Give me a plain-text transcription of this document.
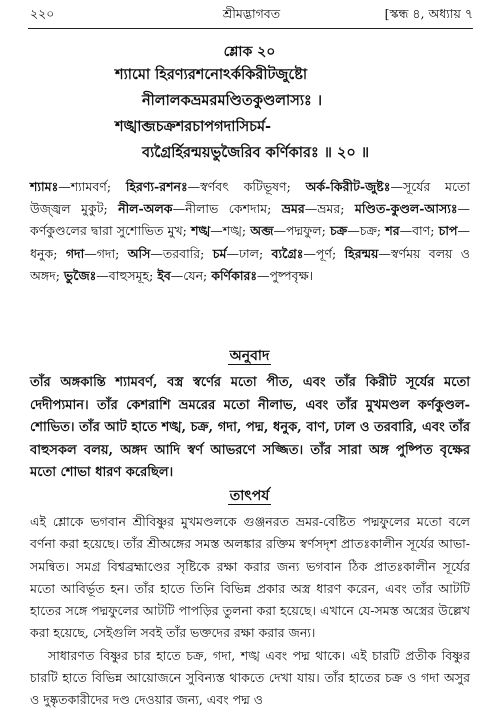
২২০	শ্রীমদ্ভাগবত	[স্কন্ধ ৪, অধ্যায় ৭
শ্লোক ২০
শ্যামো হিরণ্যরশনোঽর্ককিরীটজুষ্টো
নীলালকভ্রমরমণ্ডিতকুণ্ডলাস্যঃ ।
শঙ্খাব্জচক্রশরচাপগদাসিচর্ম-
ব্যগ্রৈর্হিরন্ময়ভুজৈরিব কর্ণিকারঃ ॥ ২০ ॥
শ্যামঃ—শ্যামবর্ণ; হিরণ্য-রশনঃ—স্বর্ণবৎ কটিভূষণ; অর্ক-কিরীট-জুষ্টঃ—সূর্যের মতো উজ্জ্বল মুকুট; নীল-অলক—নীলাভ কেশদাম; ভ্রমর—ভ্রমর; মণ্ডিত-কুণ্ডল-আস্যঃ—কর্ণকুণ্ডলের দ্বারা সুশোভিত মুখ; শঙ্খ—শঙ্খ; অব্জ—পদ্মফুল; চক্র—চক্র; শর—বাণ; চাপ—ধনুক; গদা—গদা; অসি—তরবারি; চর্ম—ঢাল; ব্যগ্রৈঃ—পূর্ণ; হিরন্ময়—স্বর্ণময় বলয় ও অঙ্গদ; ভুজৈঃ—বাহুসমূহ; ইব—যেন; কর্ণিকারঃ—পুষ্পবৃক্ষ।
অনুবাদ
তাঁর অঙ্গকান্তি শ্যামবর্ণ, বস্ত্র স্বর্ণের মতো পীত, এবং তাঁর কিরীট সূর্যের মতো দেদীপ্যমান। তাঁর কেশরাশি ভ্রমরের মতো নীলাভ, এবং তাঁর মুখমণ্ডল কর্ণকুণ্ডল-শোভিত। তাঁর আট হাতে শঙ্খ, চক্র, গদা, পদ্ম, ধনুক, বাণ, ঢাল ও তরবারি, এবং তাঁর বাহুসকল বলয়, অঙ্গদ আদি স্বর্ণ আভরণে সজ্জিত। তাঁর সারা অঙ্গ পুষ্পিত বৃক্ষের মতো শোভা ধারণ করেছিল।
তাৎপর্য

এই শ্লোকে ভগবান শ্রীবিষ্ণুর মুখমণ্ডলকে গুঞ্জনরত ভ্রমর-বেষ্টিত পদ্মফুলের মতো বলে বর্ণনা করা হয়েছে। তাঁর শ্রীঅঙ্গের সমস্ত অলঙ্কার রক্তিম স্বর্ণসদৃশ প্রাতঃকালীন সূর্যের আভা-সমন্বিত। সমগ্র বিশ্বব্রহ্মাণ্ডের সৃষ্টিকে রক্ষা করার জন্য ভগবান ঠিক প্রাতঃকালীন সূর্যের মতো আবির্ভূত হন। তাঁর হাতে তিনি বিভিন্ন প্রকার অস্ত্র ধারণ করেন, এবং তাঁর আটটি হাতের সঙ্গে পদ্মফুলের আটটি পাপড়ির তুলনা করা হয়েছে। এখানে যে-সমস্ত অস্ত্রের উল্লেখ করা হয়েছে, সেইগুলি সবই তাঁর ভক্তদের রক্ষা করার জন্য।

সাধারণত বিষ্ণুর চার হাতে চক্র, গদা, শঙ্খ এবং পদ্ম থাকে। এই চারটি প্রতীক বিষ্ণুর চারটি হাতে বিভিন্ন আয়োজনে সুবিন্যস্ত থাকতে দেখা যায়। তাঁর হাতের চক্র ও গদা অসুর ও দুষ্কৃতকারীদের দণ্ড দেওয়ার জন্য, এবং পদ্ম ও
